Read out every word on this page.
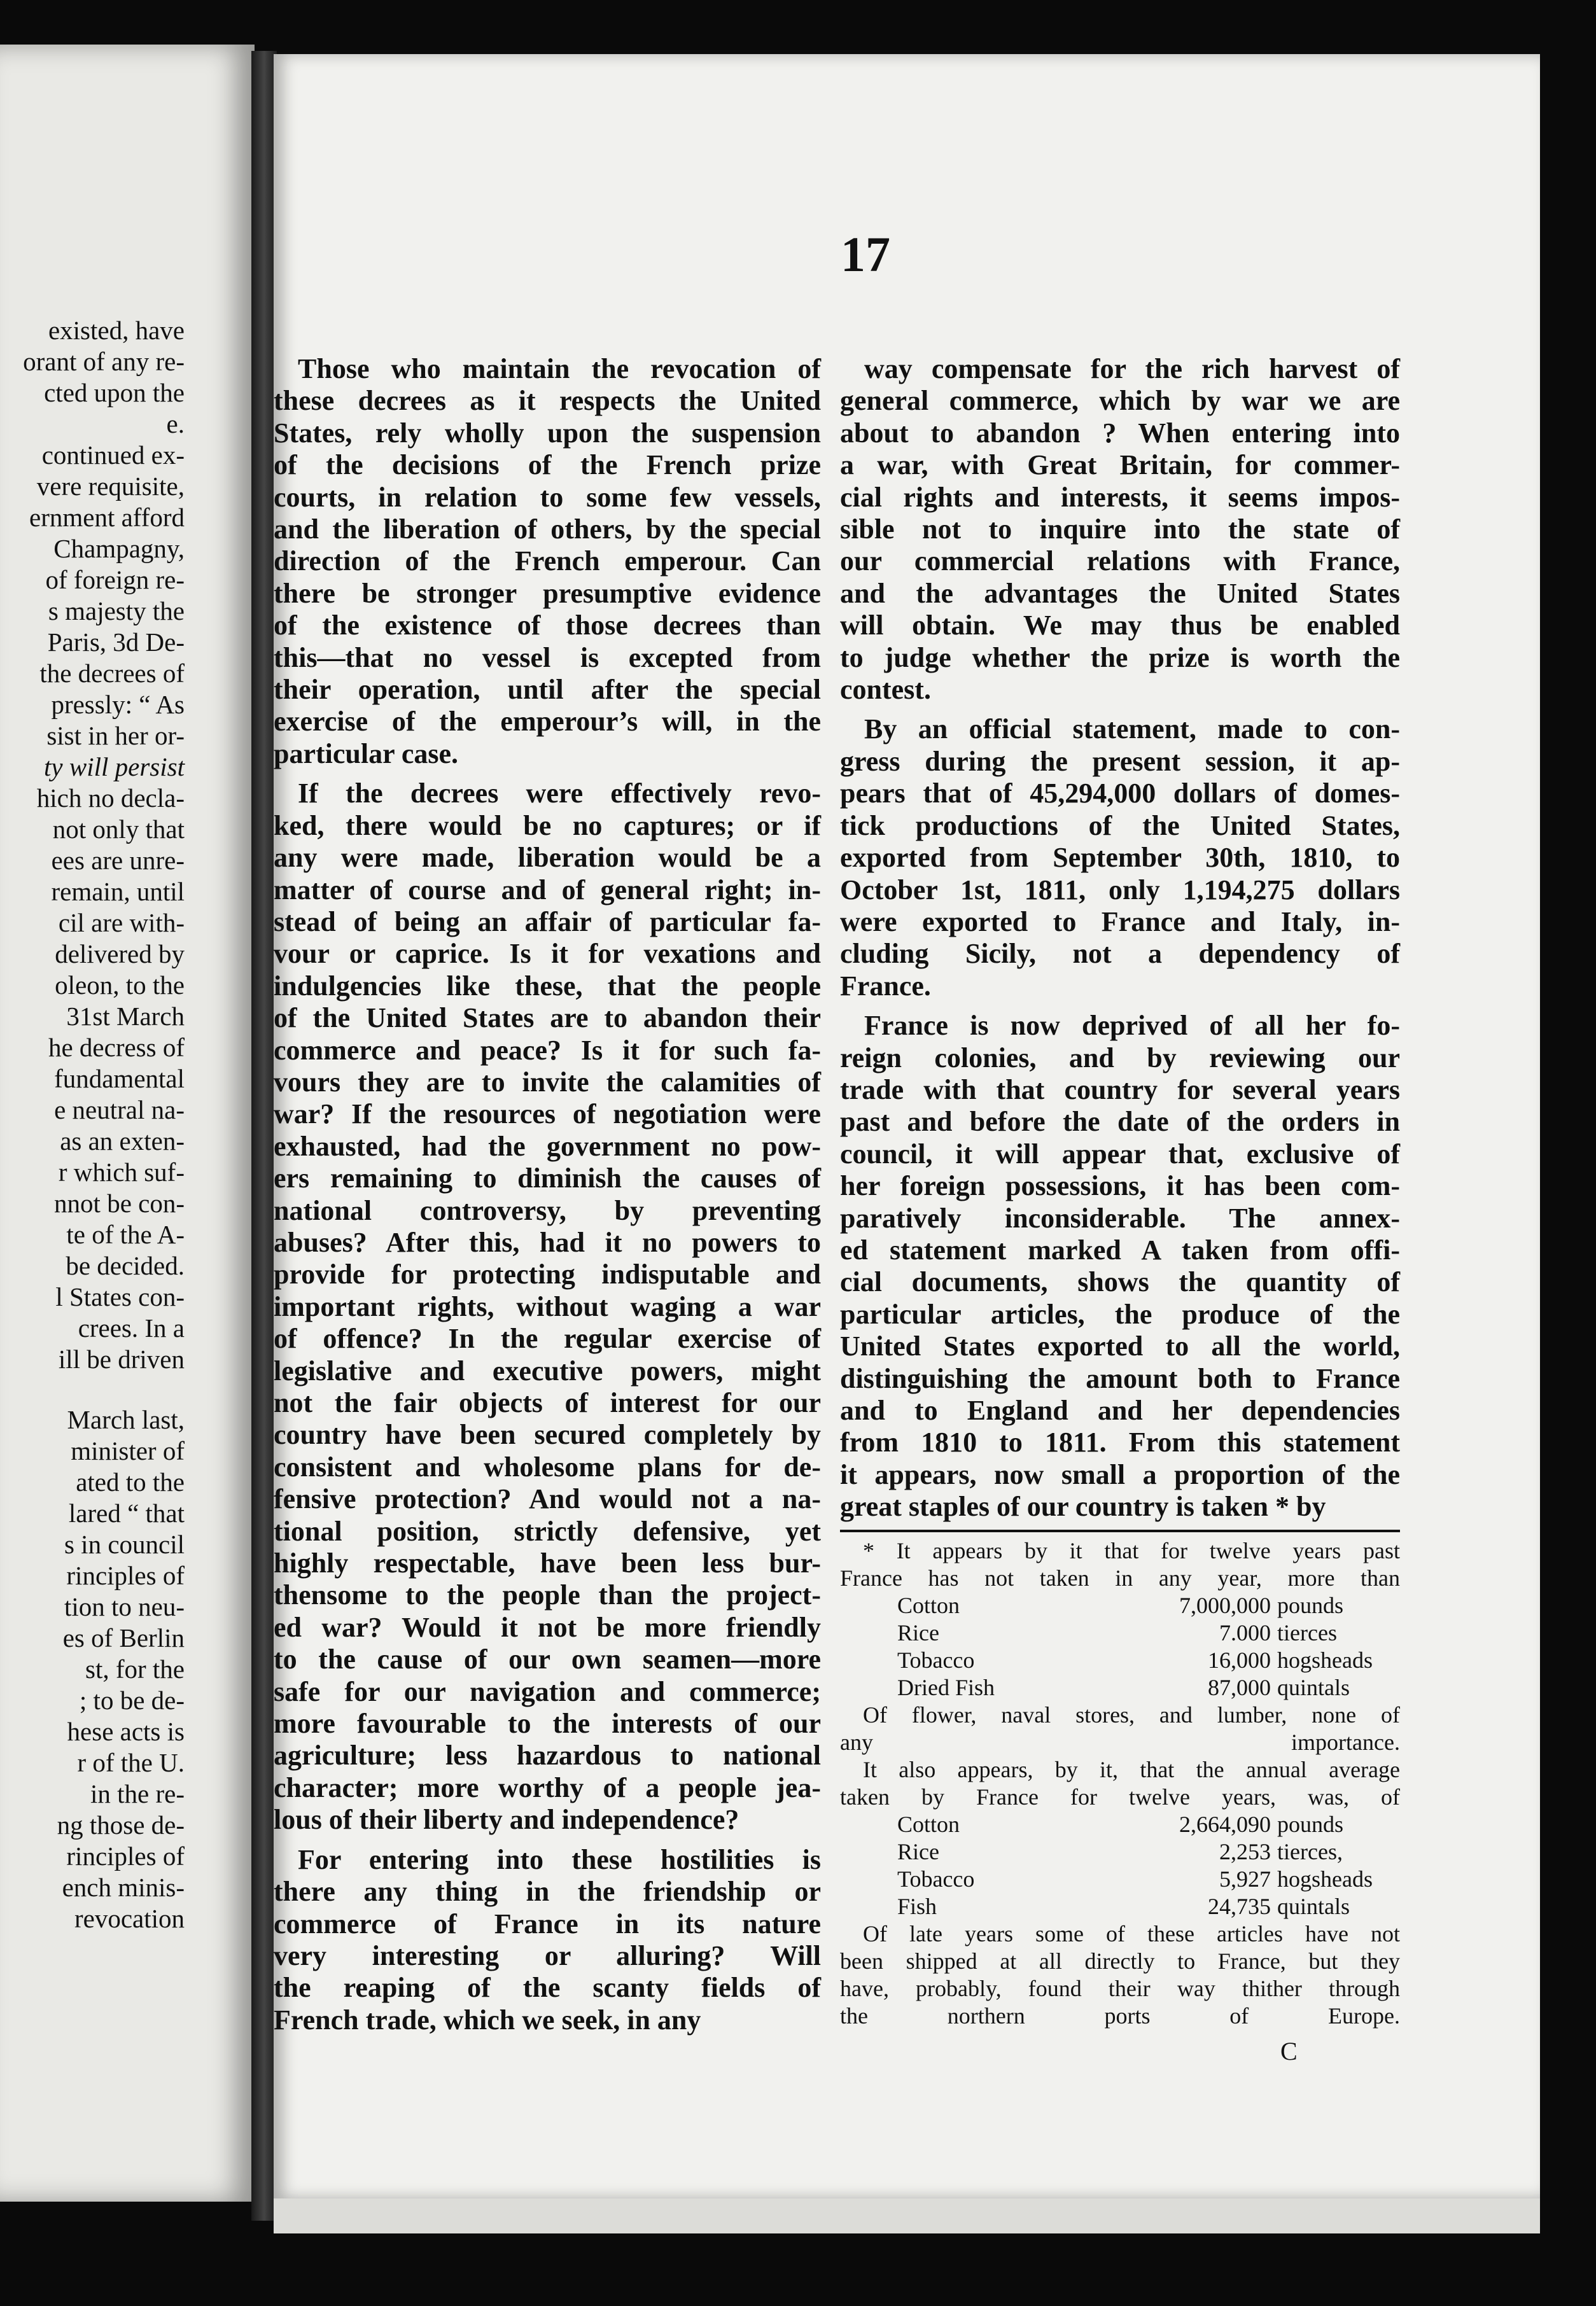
existed, have
orant of any re-
cted upon the
e.
continued ex-
vere requisite,
ernment afford
Champagny,
of foreign re-
s majesty the
Paris, 3d De-
the decrees of
pressly: “ As
sist in her or-
ty will persist
hich no decla-
not only that
ees are unre-
remain, until
cil are with-
delivered by
oleon, to the
31st March
he decress of
fundamental
e neutral na-
as an exten-
r which suf-
nnot be con-
te of the A-
be decided.
l States con-
crees. In a
ill be driven
March last,
minister of
ated to the
lared “ that
s in council
rinciples of
tion to neu-
es of Berlin
st, for the
; to be de-
hese acts is
r of the U.
in the re-
ng those de-
rinciples of
ench minis-
revocation
17
Those who maintain the revocation of
these decrees as it respects the United
States, rely wholly upon the suspension
of the decisions of the French prize
courts, in relation to some few vessels,
and the liberation of others, by the special
direction of the French emperour. Can
there be stronger presumptive evidence
of the existence of those decrees than
this—that no vessel is excepted from
their operation, until after the special
exercise of the emperour’s will, in the
particular case.
If the decrees were effectively revo-
ked, there would be no captures; or if
any were made, liberation would be a
matter of course and of general right; in-
stead of being an affair of particular fa-
vour or caprice. Is it for vexations and
indulgencies like these, that the people
of the United States are to abandon their
commerce and peace? Is it for such fa-
vours they are to invite the calamities of
war? If the resources of negotiation were
exhausted, had the government no pow-
ers remaining to diminish the causes of
national controversy, by preventing
abuses? After this, had it no powers to
provide for protecting indisputable and
important rights, without waging a war
of offence? In the regular exercise of
legislative and executive powers, might
not the fair objects of interest for our
country have been secured completely by
consistent and wholesome plans for de-
fensive protection? And would not a na-
tional position, strictly defensive, yet
highly respectable, have been less bur-
thensome to the people than the project-
ed war? Would it not be more friendly
to the cause of our own seamen—more
safe for our navigation and commerce;
more favourable to the interests of our
agriculture; less hazardous to national
character; more worthy of a people jea-
lous of their liberty and independence?
For entering into these hostilities is
there any thing in the friendship or
commerce of France in its nature
very interesting or alluring? Will
the reaping of the scanty fields of
French trade, which we seek, in any
way compensate for the rich harvest of
general commerce, which by war we are
about to abandon ? When entering into
a war, with Great Britain, for commer-
cial rights and interests, it seems impos-
sible not to inquire into the state of
our commercial relations with France,
and the advantages the United States
will obtain. We may thus be enabled
to judge whether the prize is worth the
contest.
By an official statement, made to con-
gress during the present session, it ap-
pears that of 45,294,000 dollars of domes-
tick productions of the United States,
exported from September 30th, 1810, to
October 1st, 1811, only 1,194,275 dollars
were exported to France and Italy, in-
cluding Sicily, not a dependency of
France.
France is now deprived of all her fo-
reign colonies, and by reviewing our
trade with that country for several years
past and before the date of the orders in
council, it will appear that, exclusive of
her foreign possessions, it has been com-
paratively inconsiderable. The annex-
ed statement marked A taken from offi-
cial documents, shows the quantity of
particular articles, the produce of the
United States exported to all the world,
distinguishing the amount both to France
and to England and her dependencies
from 1810 to 1811. From this statement
it appears, now small a proportion of the
great staples of our country is taken * by
* It appears by it that for twelve years past
France has not taken in any year, more than
Cotton	7,000,000	pounds
Rice	7.000	tierces
Tobacco	16,000	hogsheads
Dried Fish	87,000	quintals
Of flower, naval stores, and lumber, none of
any importance.
It also appears, by it, that the annual average
taken by France for twelve years, was, of
Cotton	2,664,090	pounds
Rice	2,253	tierces,
Tobacco	5,927	hogsheads
Fish	24,735	quintals
Of late years some of these articles have not
been shipped at all directly to France, but they
have, probably, found their way thither through
the northern ports of Europe.
C
